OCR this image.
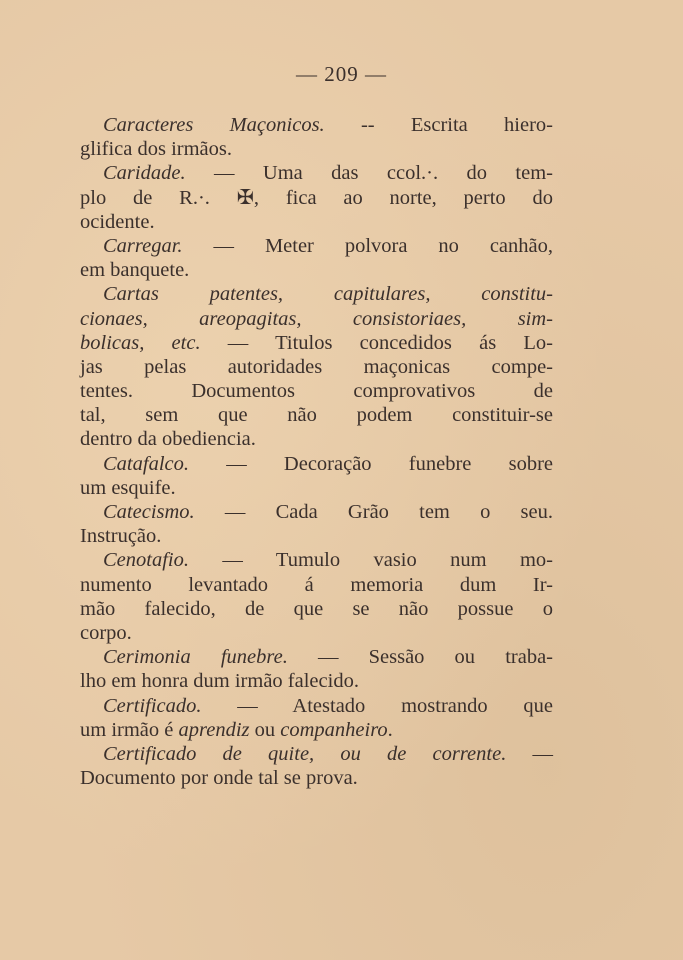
— 209 —
Caracteres Maçonicos. -- Escrita hiero-
glifica dos irmãos.
Caridade. — Uma das ccol.·. do tem-
plo de R.·. ✠, fica ao norte, perto do
ocidente.
Carregar. — Meter polvora no canhão,
em banquete.
Cartas patentes, capitulares, constitu-
cionaes, areopagitas, consistoriaes, sim-
bolicas, etc. — Titulos concedidos ás Lo-
jas pelas autoridades maçonicas compe-
tentes. Documentos comprovativos de
tal, sem que não podem constituir-se
dentro da obediencia.
Catafalco. — Decoração funebre sobre
um esquife.
Catecismo. — Cada Grão tem o seu.
Instrução.
Cenotafio. — Tumulo vasio num mo-
numento levantado á memoria dum Ir-
mão falecido, de que se não possue o
corpo.
Cerimonia funebre. — Sessão ou traba-
lho em honra dum irmão falecido.
Certificado. — Atestado mostrando que
um irmão é aprendiz ou companheiro.
Certificado de quite, ou de corrente. —
Documento por onde tal se prova.
